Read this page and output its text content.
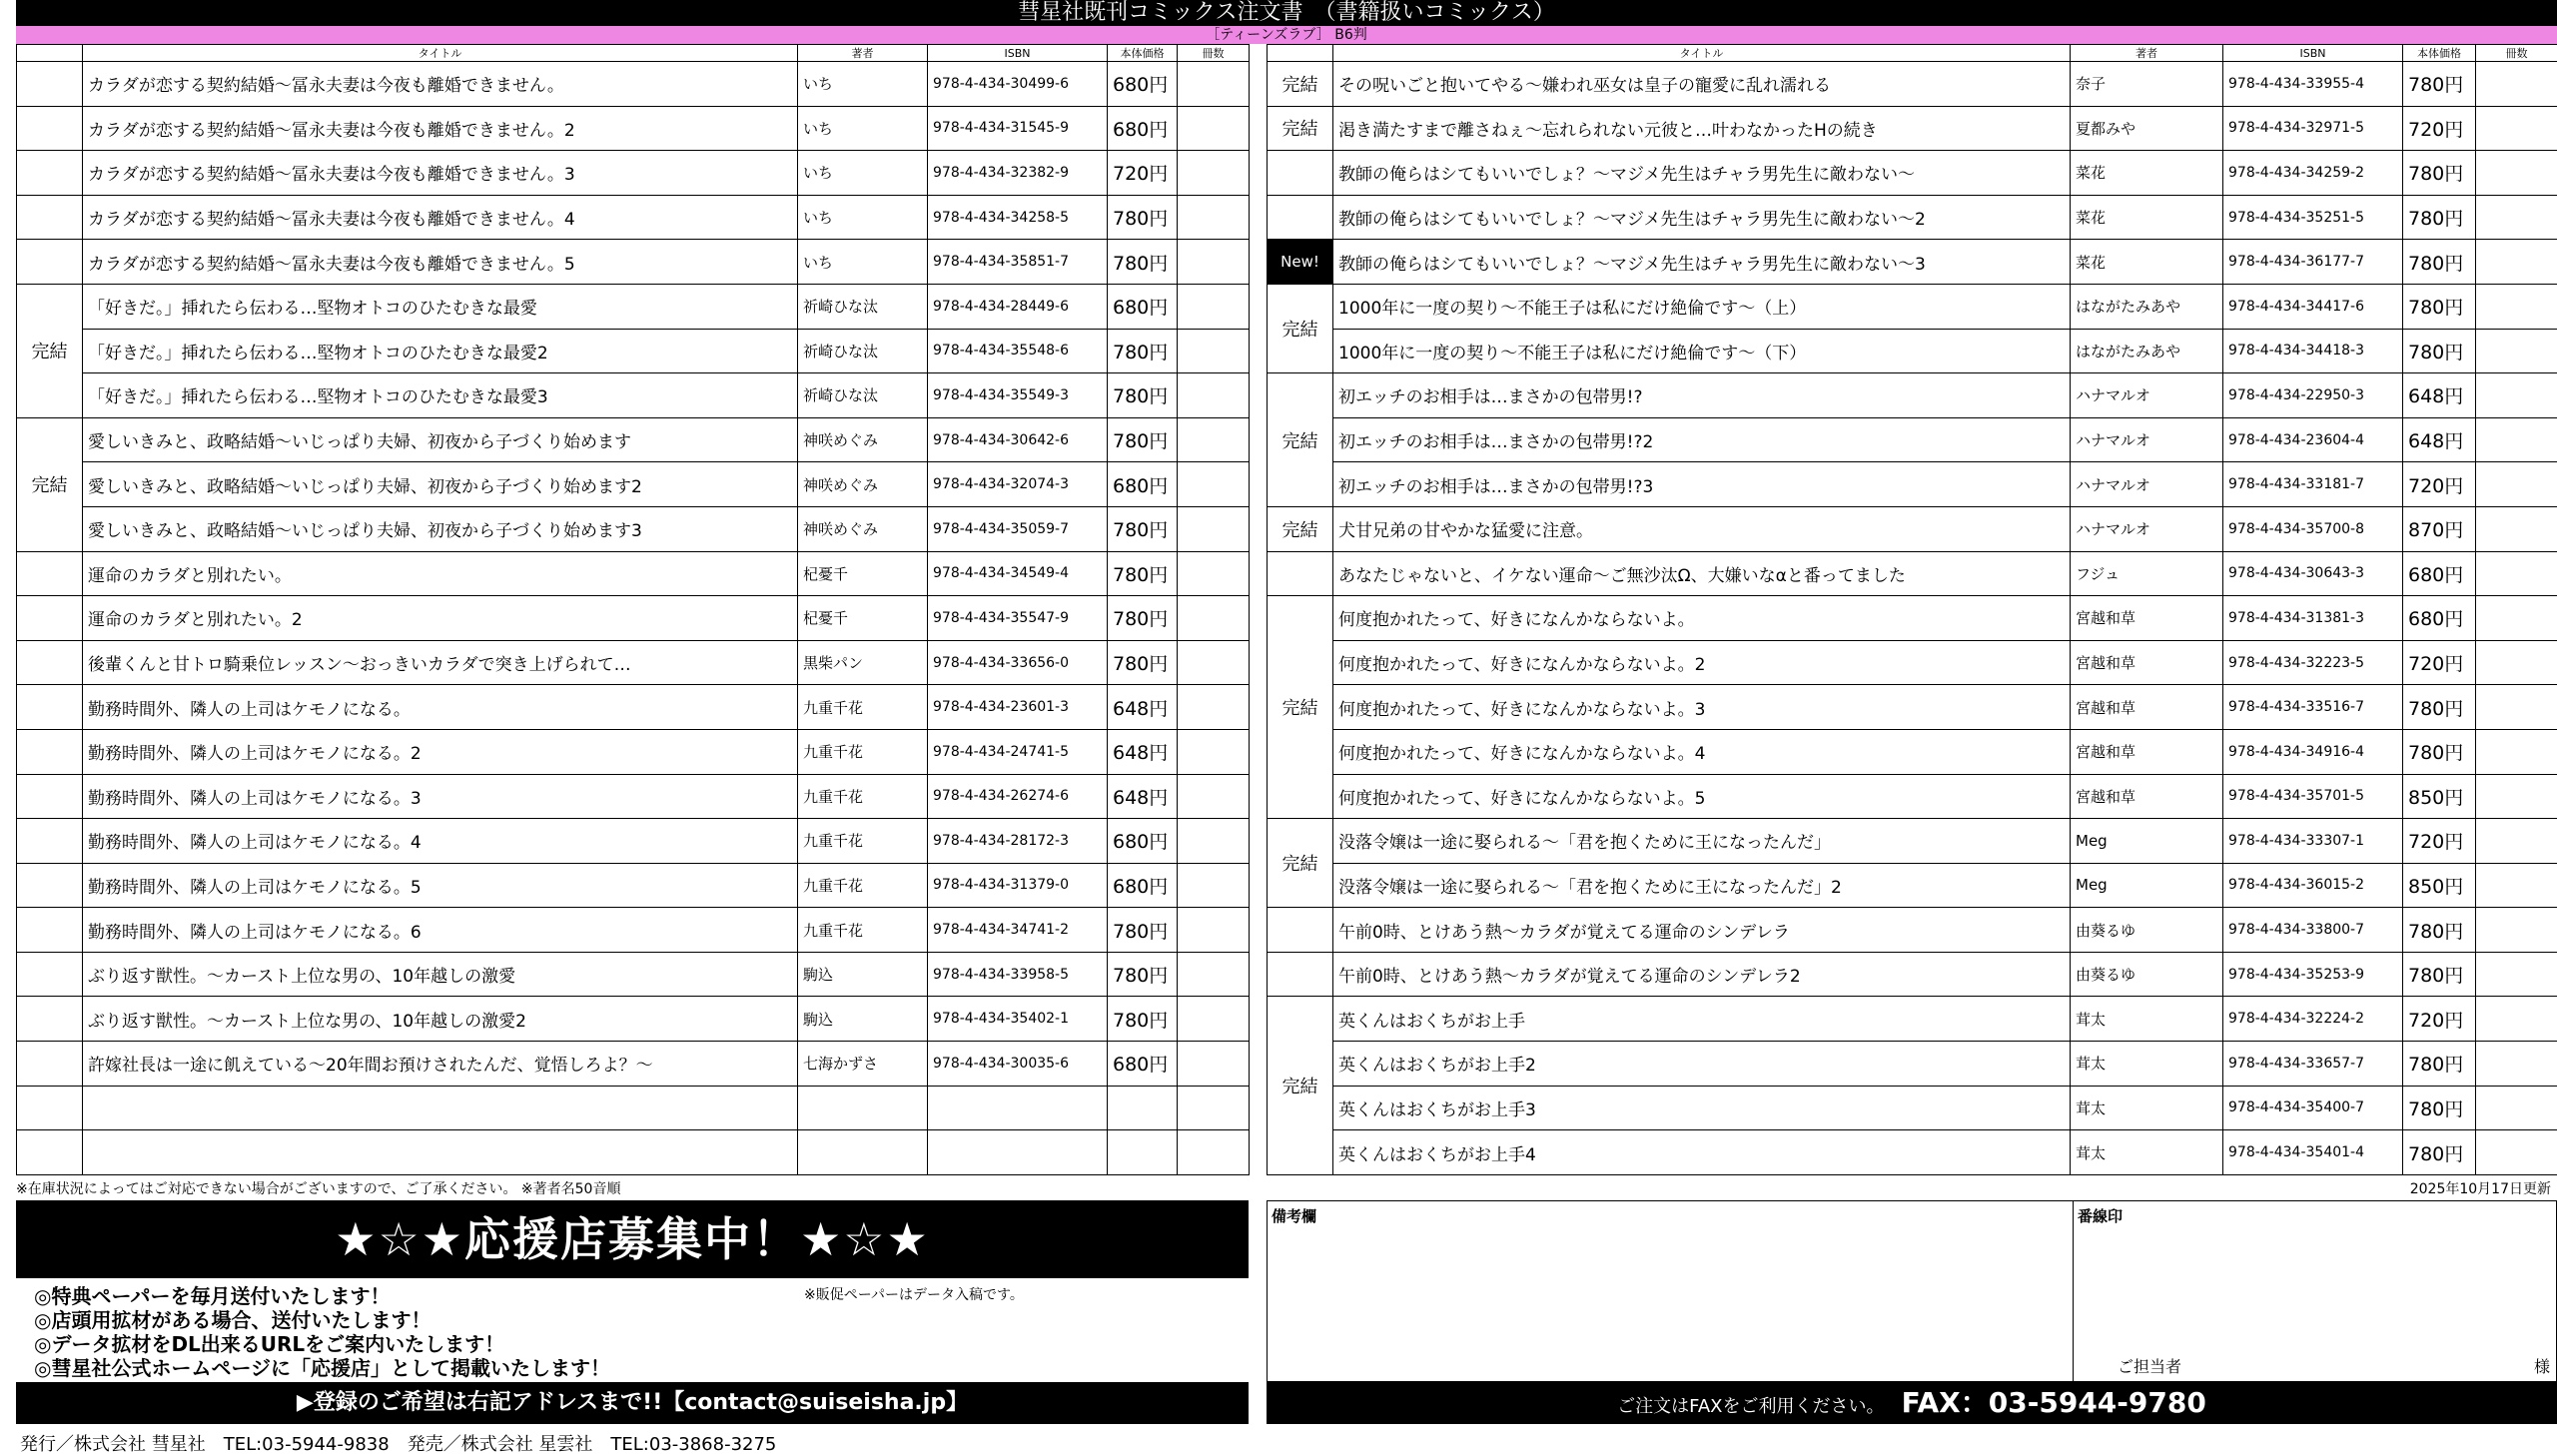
彗星社既刊コミックス注文書　（書籍扱いコミックス）
［ティーンズラブ］ B6判
	タイトル	著者	ISBN	本体価格	冊数
	カラダが恋する契約結婚～冨永夫妻は今夜も離婚できません。	いち	978-4-434-30499-6	680円	
	カラダが恋する契約結婚～冨永夫妻は今夜も離婚できません。2	いち	978-4-434-31545-9	680円	
	カラダが恋する契約結婚～冨永夫妻は今夜も離婚できません。3	いち	978-4-434-32382-9	720円	
	カラダが恋する契約結婚～冨永夫妻は今夜も離婚できません。4	いち	978-4-434-34258-5	780円	
	カラダが恋する契約結婚～冨永夫妻は今夜も離婚できません。5	いち	978-4-434-35851-7	780円	
完結	「好きだ。」挿れたら伝わる…堅物オトコのひたむきな最愛	祈崎ひな汰	978-4-434-28449-6	680円	
	「好きだ。」挿れたら伝わる…堅物オトコのひたむきな最愛2	祈崎ひな汰	978-4-434-35548-6	780円	
	「好きだ。」挿れたら伝わる…堅物オトコのひたむきな最愛3	祈崎ひな汰	978-4-434-35549-3	780円	
完結	愛しいきみと、政略結婚～いじっぱり夫婦、初夜から子づくり始めます	神咲めぐみ	978-4-434-30642-6	780円	
	愛しいきみと、政略結婚～いじっぱり夫婦、初夜から子づくり始めます2	神咲めぐみ	978-4-434-32074-3	680円	
	愛しいきみと、政略結婚～いじっぱり夫婦、初夜から子づくり始めます3	神咲めぐみ	978-4-434-35059-7	780円	
	運命のカラダと別れたい。	杞憂千	978-4-434-34549-4	780円	
	運命のカラダと別れたい。2	杞憂千	978-4-434-35547-9	780円	
	後輩くんと甘トロ騎乗位レッスン～おっきいカラダで突き上げられて…	黒柴パン	978-4-434-33656-0	780円	
	勤務時間外、隣人の上司はケモノになる。	九重千花	978-4-434-23601-3	648円	
	勤務時間外、隣人の上司はケモノになる。2	九重千花	978-4-434-24741-5	648円	
	勤務時間外、隣人の上司はケモノになる。3	九重千花	978-4-434-26274-6	648円	
	勤務時間外、隣人の上司はケモノになる。4	九重千花	978-4-434-28172-3	680円	
	勤務時間外、隣人の上司はケモノになる。5	九重千花	978-4-434-31379-0	680円	
	勤務時間外、隣人の上司はケモノになる。6	九重千花	978-4-434-34741-2	780円	
	ぶり返す獣性。～カースト上位な男の、10年越しの激愛	駒込	978-4-434-33958-5	780円	
	ぶり返す獣性。～カースト上位な男の、10年越しの激愛2	駒込	978-4-434-35402-1	780円	
	許嫁社長は一途に飢えている～20年間お預けされたんだ、覚悟しろよ？～	七海かずさ	978-4-434-30035-6	680円	

	タイトル	著者	ISBN	本体価格	冊数
完結	その呪いごと抱いてやる～嫌われ巫女は皇子の寵愛に乱れ濡れる	奈子	978-4-434-33955-4	780円	
完結	渇き満たすまで離さねぇ～忘れられない元彼と…叶わなかったHの続き	夏都みや	978-4-434-32971-5	720円	
	教師の俺らはシてもいいでしょ？～マジメ先生はチャラ男先生に敵わない～	菜花	978-4-434-34259-2	780円	
	教師の俺らはシてもいいでしょ？～マジメ先生はチャラ男先生に敵わない～2	菜花	978-4-434-35251-5	780円	
New!	教師の俺らはシてもいいでしょ？～マジメ先生はチャラ男先生に敵わない～3	菜花	978-4-434-36177-7	780円	
完結	1000年に一度の契り～不能王子は私にだけ絶倫です～（上）	はながたみあや	978-4-434-34417-6	780円	
	1000年に一度の契り～不能王子は私にだけ絶倫です～（下）	はながたみあや	978-4-434-34418-3	780円	
完結	初エッチのお相手は…まさかの包帯男!?	ハナマルオ	978-4-434-22950-3	648円	
	初エッチのお相手は…まさかの包帯男!?2	ハナマルオ	978-4-434-23604-4	648円	
	初エッチのお相手は…まさかの包帯男!?3	ハナマルオ	978-4-434-33181-7	720円	
完結	犬甘兄弟の甘やかな猛愛に注意。	ハナマルオ	978-4-434-35700-8	870円	
	あなたじゃないと、イケない運命～ご無沙汰Ω、大嫌いなαと番ってました	フジュ	978-4-434-30643-3	680円	
完結	何度抱かれたって、好きになんかならないよ。	宮越和草	978-4-434-31381-3	680円	
	何度抱かれたって、好きになんかならないよ。2	宮越和草	978-4-434-32223-5	720円	
	何度抱かれたって、好きになんかならないよ。3	宮越和草	978-4-434-33516-7	780円	
	何度抱かれたって、好きになんかならないよ。4	宮越和草	978-4-434-34916-4	780円	
	何度抱かれたって、好きになんかならないよ。5	宮越和草	978-4-434-35701-5	850円	
完結	没落令嬢は一途に娶られる～「君を抱くために王になったんだ」	Meg	978-4-434-33307-1	720円	
	没落令嬢は一途に娶られる～「君を抱くために王になったんだ」2	Meg	978-4-434-36015-2	850円	
	午前0時、とけあう熱～カラダが覚えてる運命のシンデレラ	由葵るゆ	978-4-434-33800-7	780円	
	午前0時、とけあう熱～カラダが覚えてる運命のシンデレラ2	由葵るゆ	978-4-434-35253-9	780円	
完結	英くんはおくちがお上手	茸太	978-4-434-32224-2	720円	
	英くんはおくちがお上手2	茸太	978-4-434-33657-7	780円	
	英くんはおくちがお上手3	茸太	978-4-434-35400-7	780円	
	英くんはおくちがお上手4	茸太	978-4-434-35401-4	780円	
※在庫状況によってはご対応できない場合がございますので、ご了承ください。 ※著者名50音順	2025年10月17日更新
★☆★応援店募集中！★☆★
◎特典ペーパーを毎月送付いたします！
◎店頭用拡材がある場合、送付いたします！
◎データ拡材をDL出来るURLをご案内いたします！
◎彗星社公式ホームページに「応援店」として掲載いたします！
※販促ペーパーはデータ入稿です。
▶登録のご希望は右記アドレスまで!!【contact@suiseisha.jp】
発行／株式会社 彗星社　TEL:03-5944-9838　発売／株式会社 星雲社　TEL:03-3868-3275
備考欄	番線印
ご担当者	様
ご注文はFAXをご利用ください。 FAX：03-5944-9780
